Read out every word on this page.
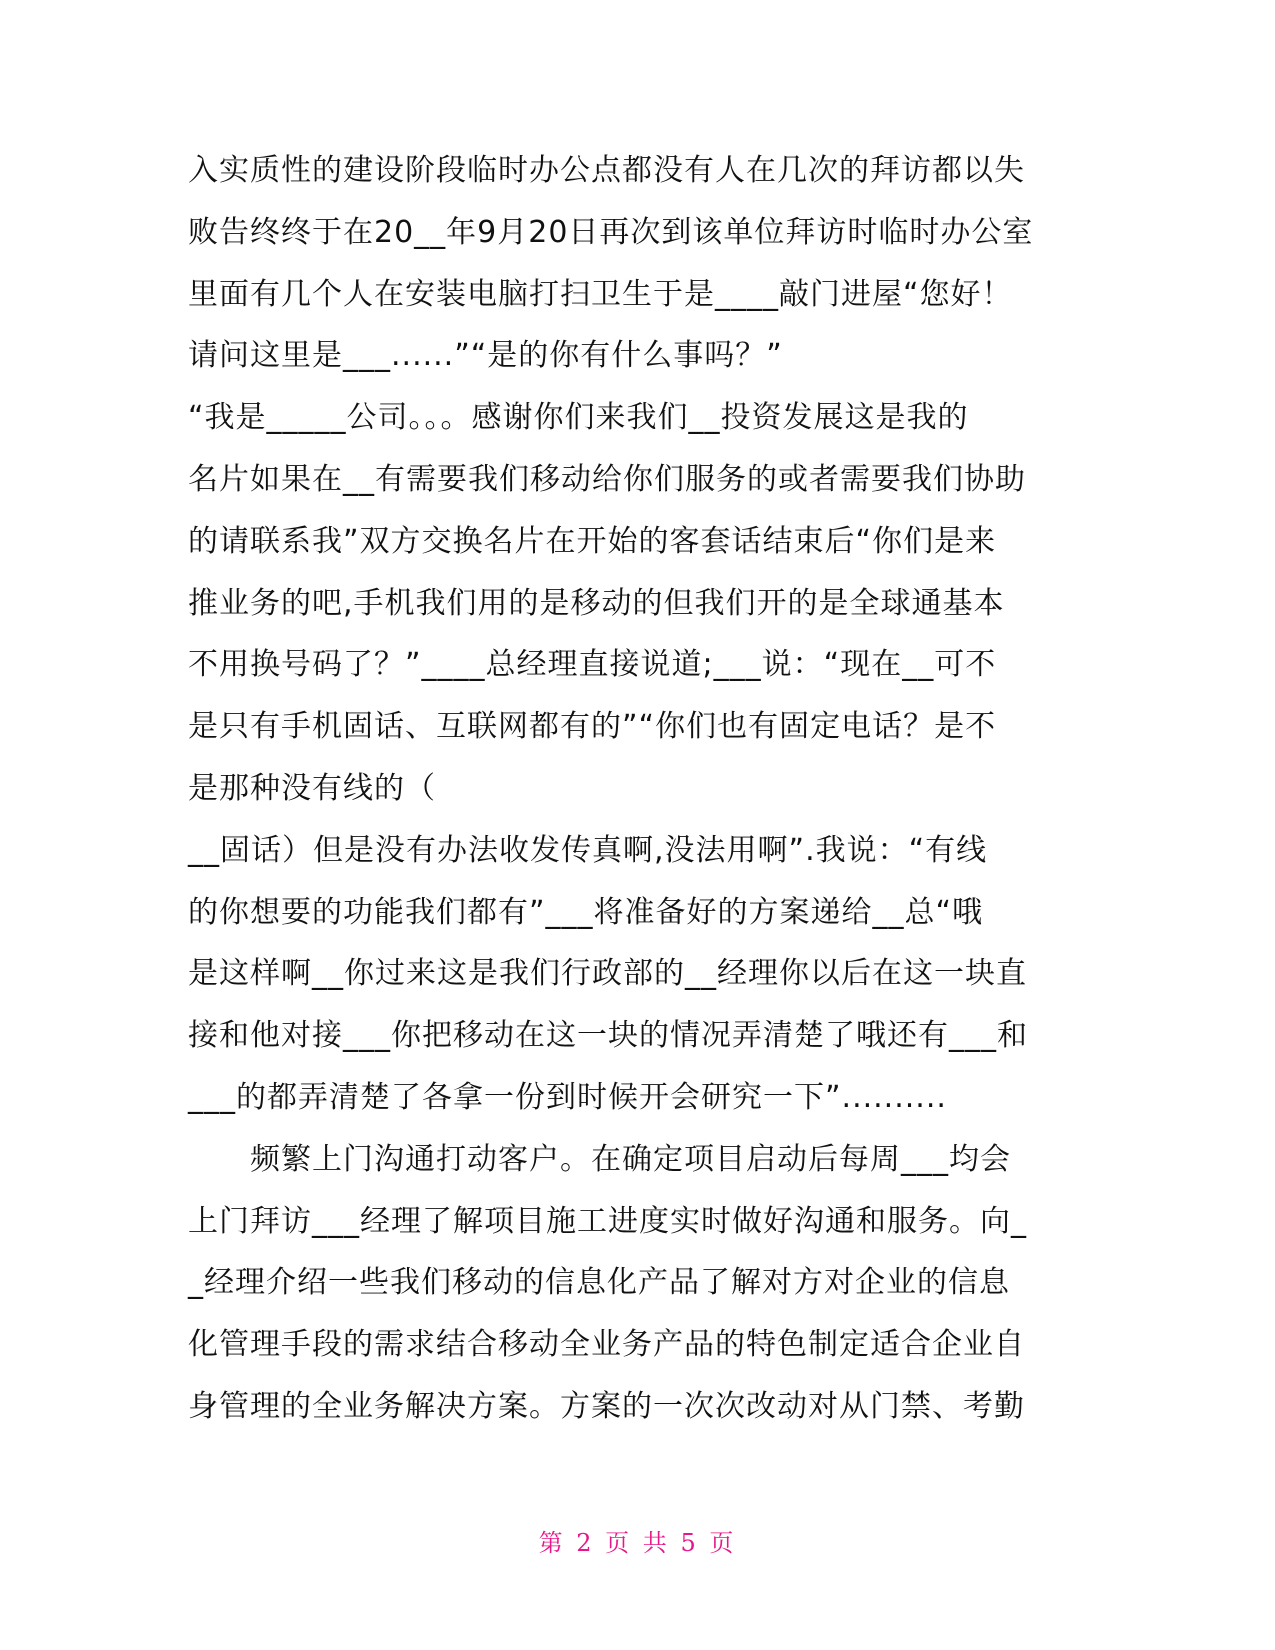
入实质性的建设阶段临时办公点都没有人在几次的拜访都以失
败告终终于在20__年9月20日再次到该单位拜访时临时办公室
里面有几个人在安装电脑打扫卫生于是____敲门进屋“您好！
请问这里是___......”“是的你有什么事吗？”
“我是_____公司。。。感谢你们来我们__投资发展这是我的
名片如果在__有需要我们移动给你们服务的或者需要我们协助
的请联系我”双方交换名片在开始的客套话结束后“你们是来
推业务的吧,手机我们用的是移动的但我们开的是全球通基本
不用换号码了？”____总经理直接说道;___说：“现在__可不
是只有手机固话、互联网都有的”“你们也有固定电话？是不
是那种没有线的（
__固话）但是没有办法收发传真啊,没法用啊”.我说：“有线
的你想要的功能我们都有”___将准备好的方案递给__总“哦
是这样啊__你过来这是我们行政部的__经理你以后在这一块直
接和他对接___你把移动在这一块的情况弄清楚了哦还有___和
___的都弄清楚了各拿一份到时候开会研究一下”..........
频繁上门沟通打动客户。在确定项目启动后每周___均会
上门拜访___经理了解项目施工进度实时做好沟通和服务。向_
_经理介绍一些我们移动的信息化产品了解对方对企业的信息
化管理手段的需求结合移动全业务产品的特色制定适合企业自
身管理的全业务解决方案。方案的一次次改动对从门禁、考勤
第 2 页 共 5 页
